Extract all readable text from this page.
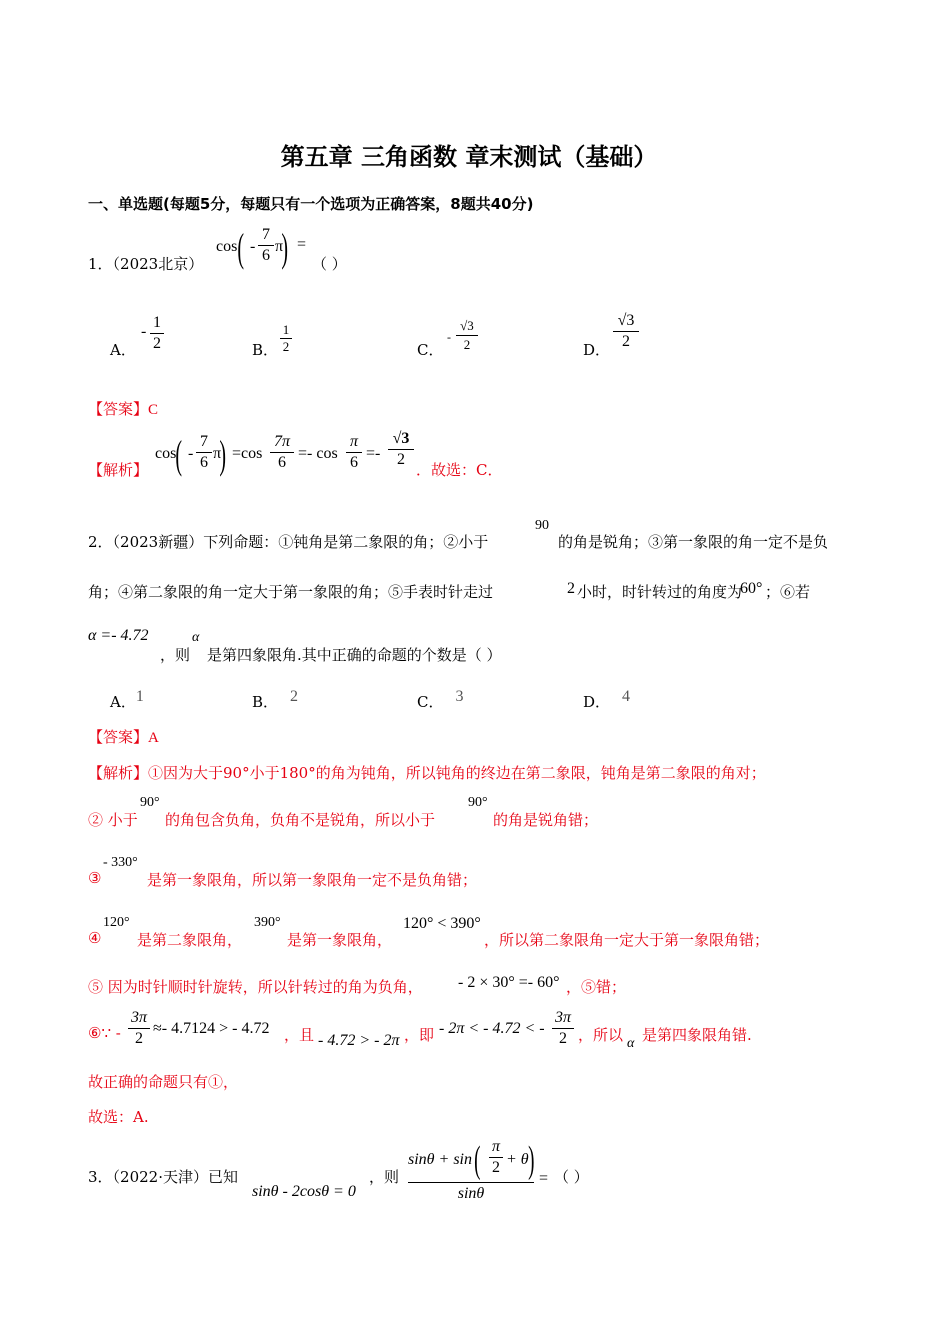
第五章 三角函数 章末测试（基础）
一、单选题(每题5分，每题只有一个选项为正确答案，8题共40分)
1．（2023北京）
cos ( -
7
6
π
) =
（ ）
A．
-
1
2	B．
1
2	C．
-
√3
2	D．
√3
2
【答案】C
【解析】
cos ( -
7
6
π
) =cos
7π
6
=- cos
π
6
=-
√3
2
．故选：C．
2．（2023新疆）下列命题：①钝角是第二象限的角；②小于
90
的角是锐角；③第一象限的角一定不是负
角；④第二象限的角一定大于第一象限的角；⑤手表时针走过	2 小时，时针转过的角度为
60° ；⑥若
α =- 4.72
，则
α
是第四象限角.其中正确的命题的个数是（ ）
A．1	B． 2	C． 3	D． 4
【答案】A
【解析】①因为大于90°小于180°的角为钝角，所以钝角的终边在第二象限，钝角是第二象限的角对；
② 小于
90°
的角包含负角，负角不是锐角，所以小于
90°
的角是锐角错；
③
- 330°
是第一象限角，所以第一象限角一定不是负角错；
④
120°
是第二象限角，
390°
是第一象限角，
120° < 390°
，所以第二象限角一定大于第一象限角错；
⑤ 因为时针顺时针旋转，所以针转过的角为负角， - 2 × 30° =- 60° ，⑤错；
⑥∵ -
3π
2
≈- 4.7124 > - 4.72 ，且 - 4.72 > - 2π ，即 - 2π < - 4.72 < -
3π
2 ，所以 α 是第四象限角错.
故正确的命题只有①，
故选：A.
3．（2022·天津）已知
sinθ - 2cosθ = 0
，则
sinθ + sin ( π
2 + θ )
sinθ
= （ ）
